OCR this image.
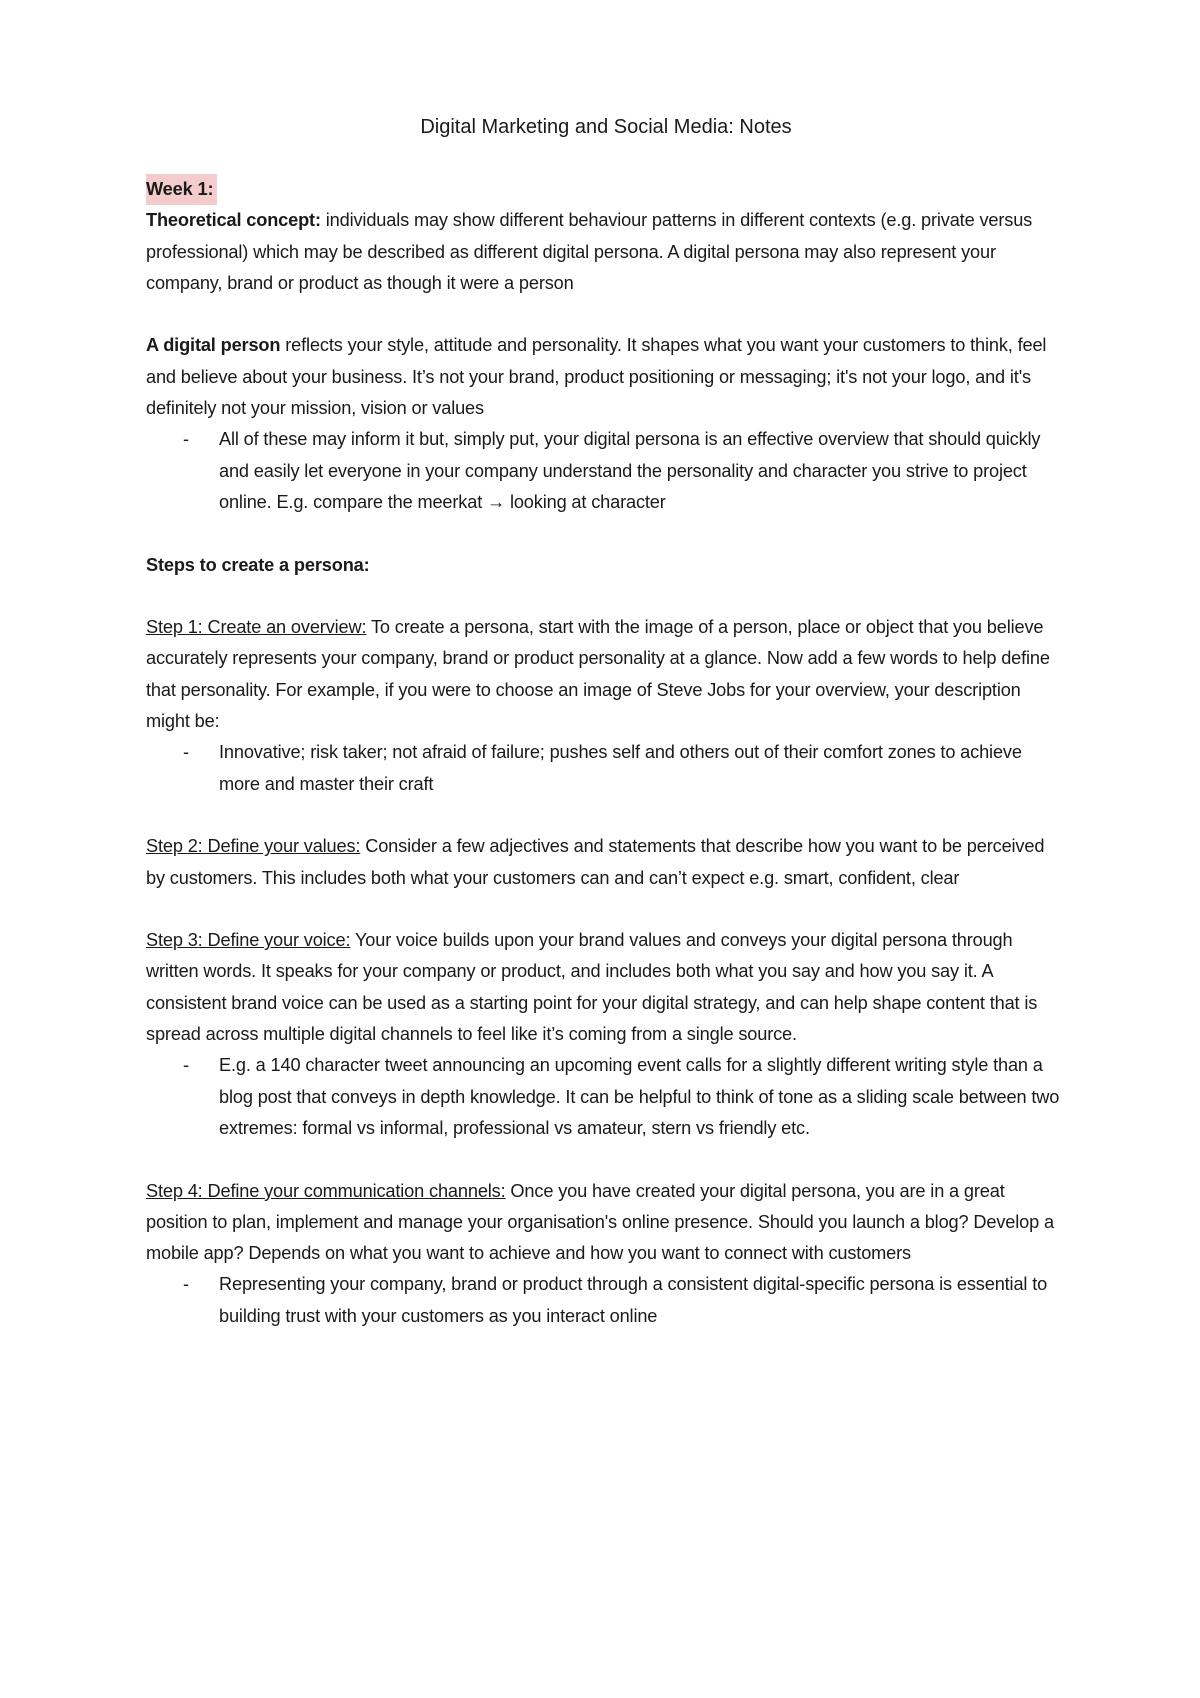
Digital Marketing and Social Media: Notes

Week 1:

Theoretical concept: individuals may show different behaviour patterns in different contexts (e.g. private versus professional) which may be described as different digital persona. A digital persona may also represent your company, brand or product as though it were a person

A digital person reflects your style, attitude and personality. It shapes what you want your customers to think, feel and believe about your business. It’s not your brand, product positioning or messaging; it's not your logo, and it's definitely not your mission, vision or values

- All of these may inform it but, simply put, your digital persona is an effective overview that should quickly and easily let everyone in your company understand the personality and character you strive to project online. E.g. compare the meerkat → looking at character

Steps to create a persona:

Step 1: Create an overview: To create a persona, start with the image of a person, place or object that you believe accurately represents your company, brand or product personality at a glance. Now add a few words to help define that personality. For example, if you were to choose an image of Steve Jobs for your overview, your description might be:

- Innovative; risk taker; not afraid of failure; pushes self and others out of their comfort zones to achieve more and master their craft

Step 2: Define your values: Consider a few adjectives and statements that describe how you want to be perceived by customers. This includes both what your customers can and can’t expect e.g. smart, confident, clear

Step 3: Define your voice: Your voice builds upon your brand values and conveys your digital persona through written words. It speaks for your company or product, and includes both what you say and how you say it. A consistent brand voice can be used as a starting point for your digital strategy, and can help shape content that is spread across multiple digital channels to feel like it’s coming from a single source.

- E.g. a 140 character tweet announcing an upcoming event calls for a slightly different writing style than a blog post that conveys in depth knowledge. It can be helpful to think of tone as a sliding scale between two extremes: formal vs informal, professional vs amateur, stern vs friendly etc.

Step 4: Define your communication channels: Once you have created your digital persona, you are in a great position to plan, implement and manage your organisation's online presence. Should you launch a blog? Develop a mobile app? Depends on what you want to achieve and how you want to connect with customers

- Representing your company, brand or product through a consistent digital-specific persona is essential to building trust with your customers as you interact online
